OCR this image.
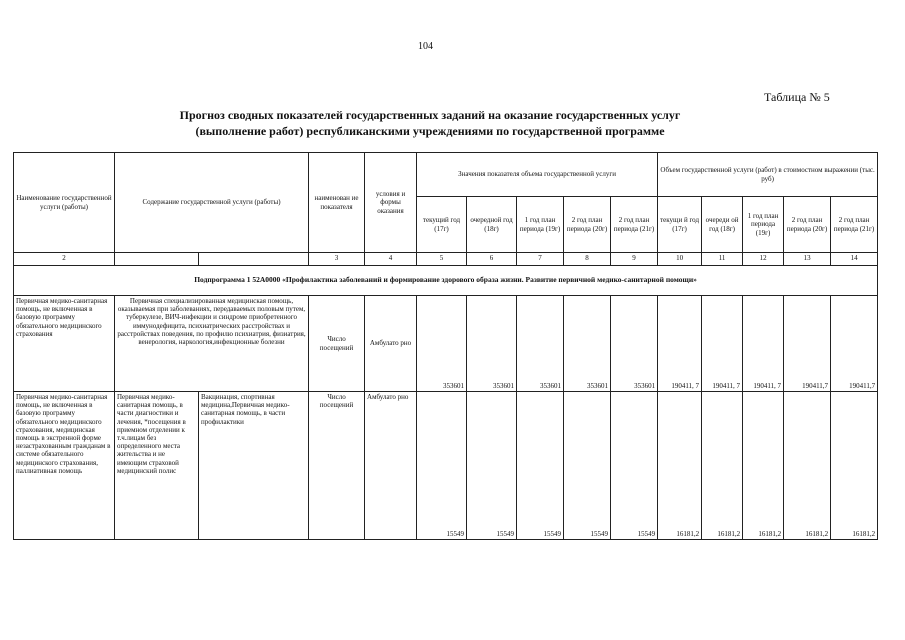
104
Таблица № 5
Прогноз сводных показателей государственных заданий на оказание государственных услуг
(выполнение работ) республиканскими учреждениями по государственной программе
Наименование государственной услуги (работы)	Содержание государственной услуги (работы)		наименован ие показателя	условия и формы оказания	Значения показателя объема государственной услуги					Объем государственной услуги (работ) в стоимостном выражении (тыс. руб)				
					текущий год (17г)	очередной год (18г)	1 год план периода (19г)	2 год план периода (20г)	2 год план периода (21г)	текущи й год (17г)	очереди ой год (18г)	1 год план периода (19г)	2 год план периода (20г)	2 год план периода (21г)
2			3	4	5	6	7	8	9	10	11	12	13	14
Подпрограмма 1 52А0000 «Профилактика заболеваний и формирование здорового образа жизни. Развитие первичной медико-санитарной помощи»														
Первичная медико-санитарная помощь, не включенная в базовую программу обязательного медицинского страхования	Первичная специализированная медицинская помощь, оказываемая при заболеваниях, передаваемых половым путем, туберкулезе, ВИЧ-инфекции и синдроме приобретенного иммунодефицита, психиатрических расстройствах и расстройствах поведения, по профилю психиатрия, физиатрия, венерология, наркология,инфекционные болезни		Число посещений	Амбулато рно	353601	353601	353601	353601	353601	190411, 7	190411, 7	190411, 7	190411,7	190411,7
Первичная медико-санитарная помощь, не включенная в базовую программу обязательного медицинского страхования, медицинская помощь в экстренной форме незастрахованным гражданам в системе обязательного медицинского страхования, паллиативная помощь	Первичная медико-санитарная помощь, в части диагностики и лечения, *посещения в приемном отделении к т.ч.лицам без определенного места жительства и не имеющим страховой медицинский полис	Вакцинация, спортивная медицина,Первичная медико-санитарная помощь, в части профилактики	Число посещений	Амбулато рно	15549	15549	15549	15549	15549	16181,2	16181,2	16181,2	16181,2	16181,2
